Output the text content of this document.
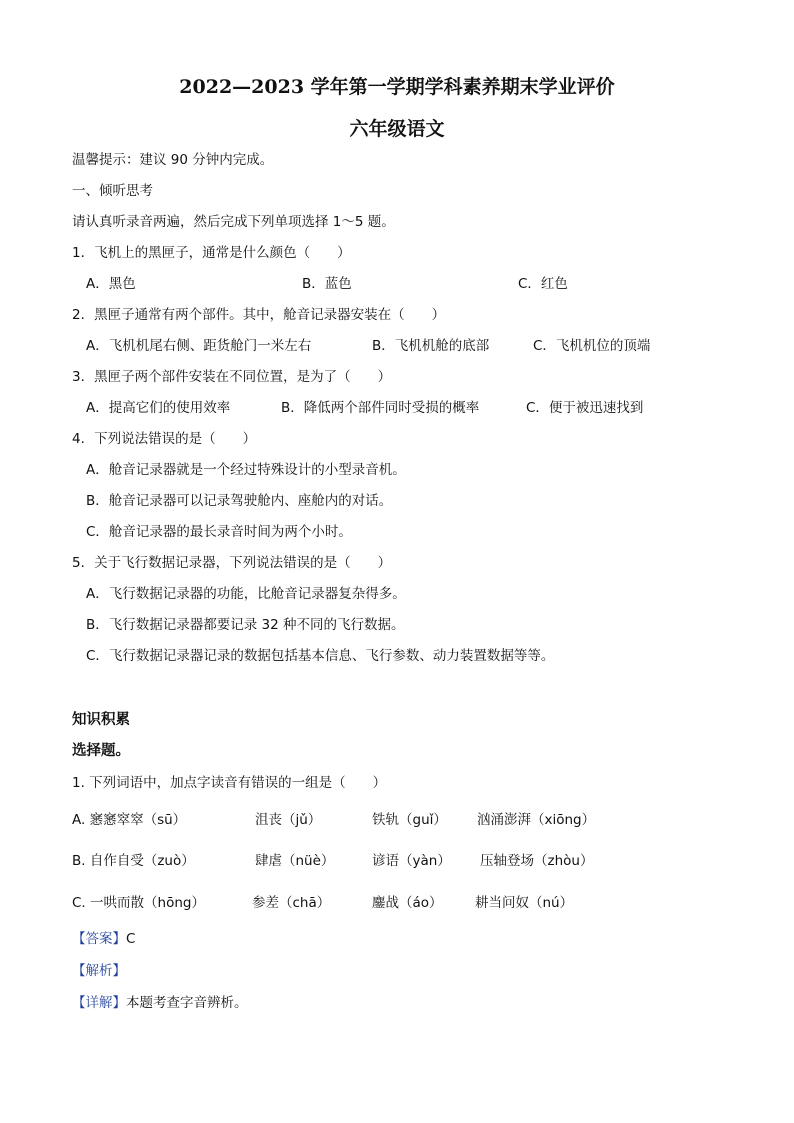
2022—2023 学年第一学期学科素养期末学业评价
六年级语文
温馨提示：建议 90 分钟内完成。
一、倾听思考
请认真听录音两遍，然后完成下列单项选择 1～5 题。
1．飞机上的黑匣子，通常是什么颜色（　　）
A．黑色	B．蓝色	C．红色
2．黑匣子通常有两个部件。其中，舱音记录器安装在（　　）
A．飞机机尾右侧、距货舱门一米左右	B．飞机机舱的底部	C．飞机机位的顶端
3．黑匣子两个部件安装在不同位置，是为了（　　）
A．提高它们的使用效率	B．降低两个部件同时受损的概率	C．便于被迅速找到
4．下列说法错误的是（　　）
A．舱音记录器就是一个经过特殊设计的小型录音机。
B．舱音记录器可以记录驾驶舱内、座舱内的对话。
C．舱音记录器的最长录音时间为两个小时。
5．关于飞行数据记录器，下列说法错误的是（　　）
A．飞行数据记录器的功能，比舱音记录器复杂得多。
B．飞行数据记录器都要记录 32 种不同的飞行数据。
C．飞行数据记录器记录的数据包括基本信息、飞行参数、动力装置数据等等。
知识积累
选择题。
1. 下列词语中，加点字读音有错误的一组是（　　）
A. 窸窸窣窣（sū）	沮丧（jǔ）	铁轨（guǐ） 汹涌澎湃（xiōng）
B. 自作自受（zuò）	肆虐（nüè）	谚语（yàn） 压轴登场（zhòu）
C. 一哄而散（hōng）	参差（chā）	鏖战（áo） 耕当问奴（nú）
【答案】C
【解析】
【详解】本题考查字音辨析。
